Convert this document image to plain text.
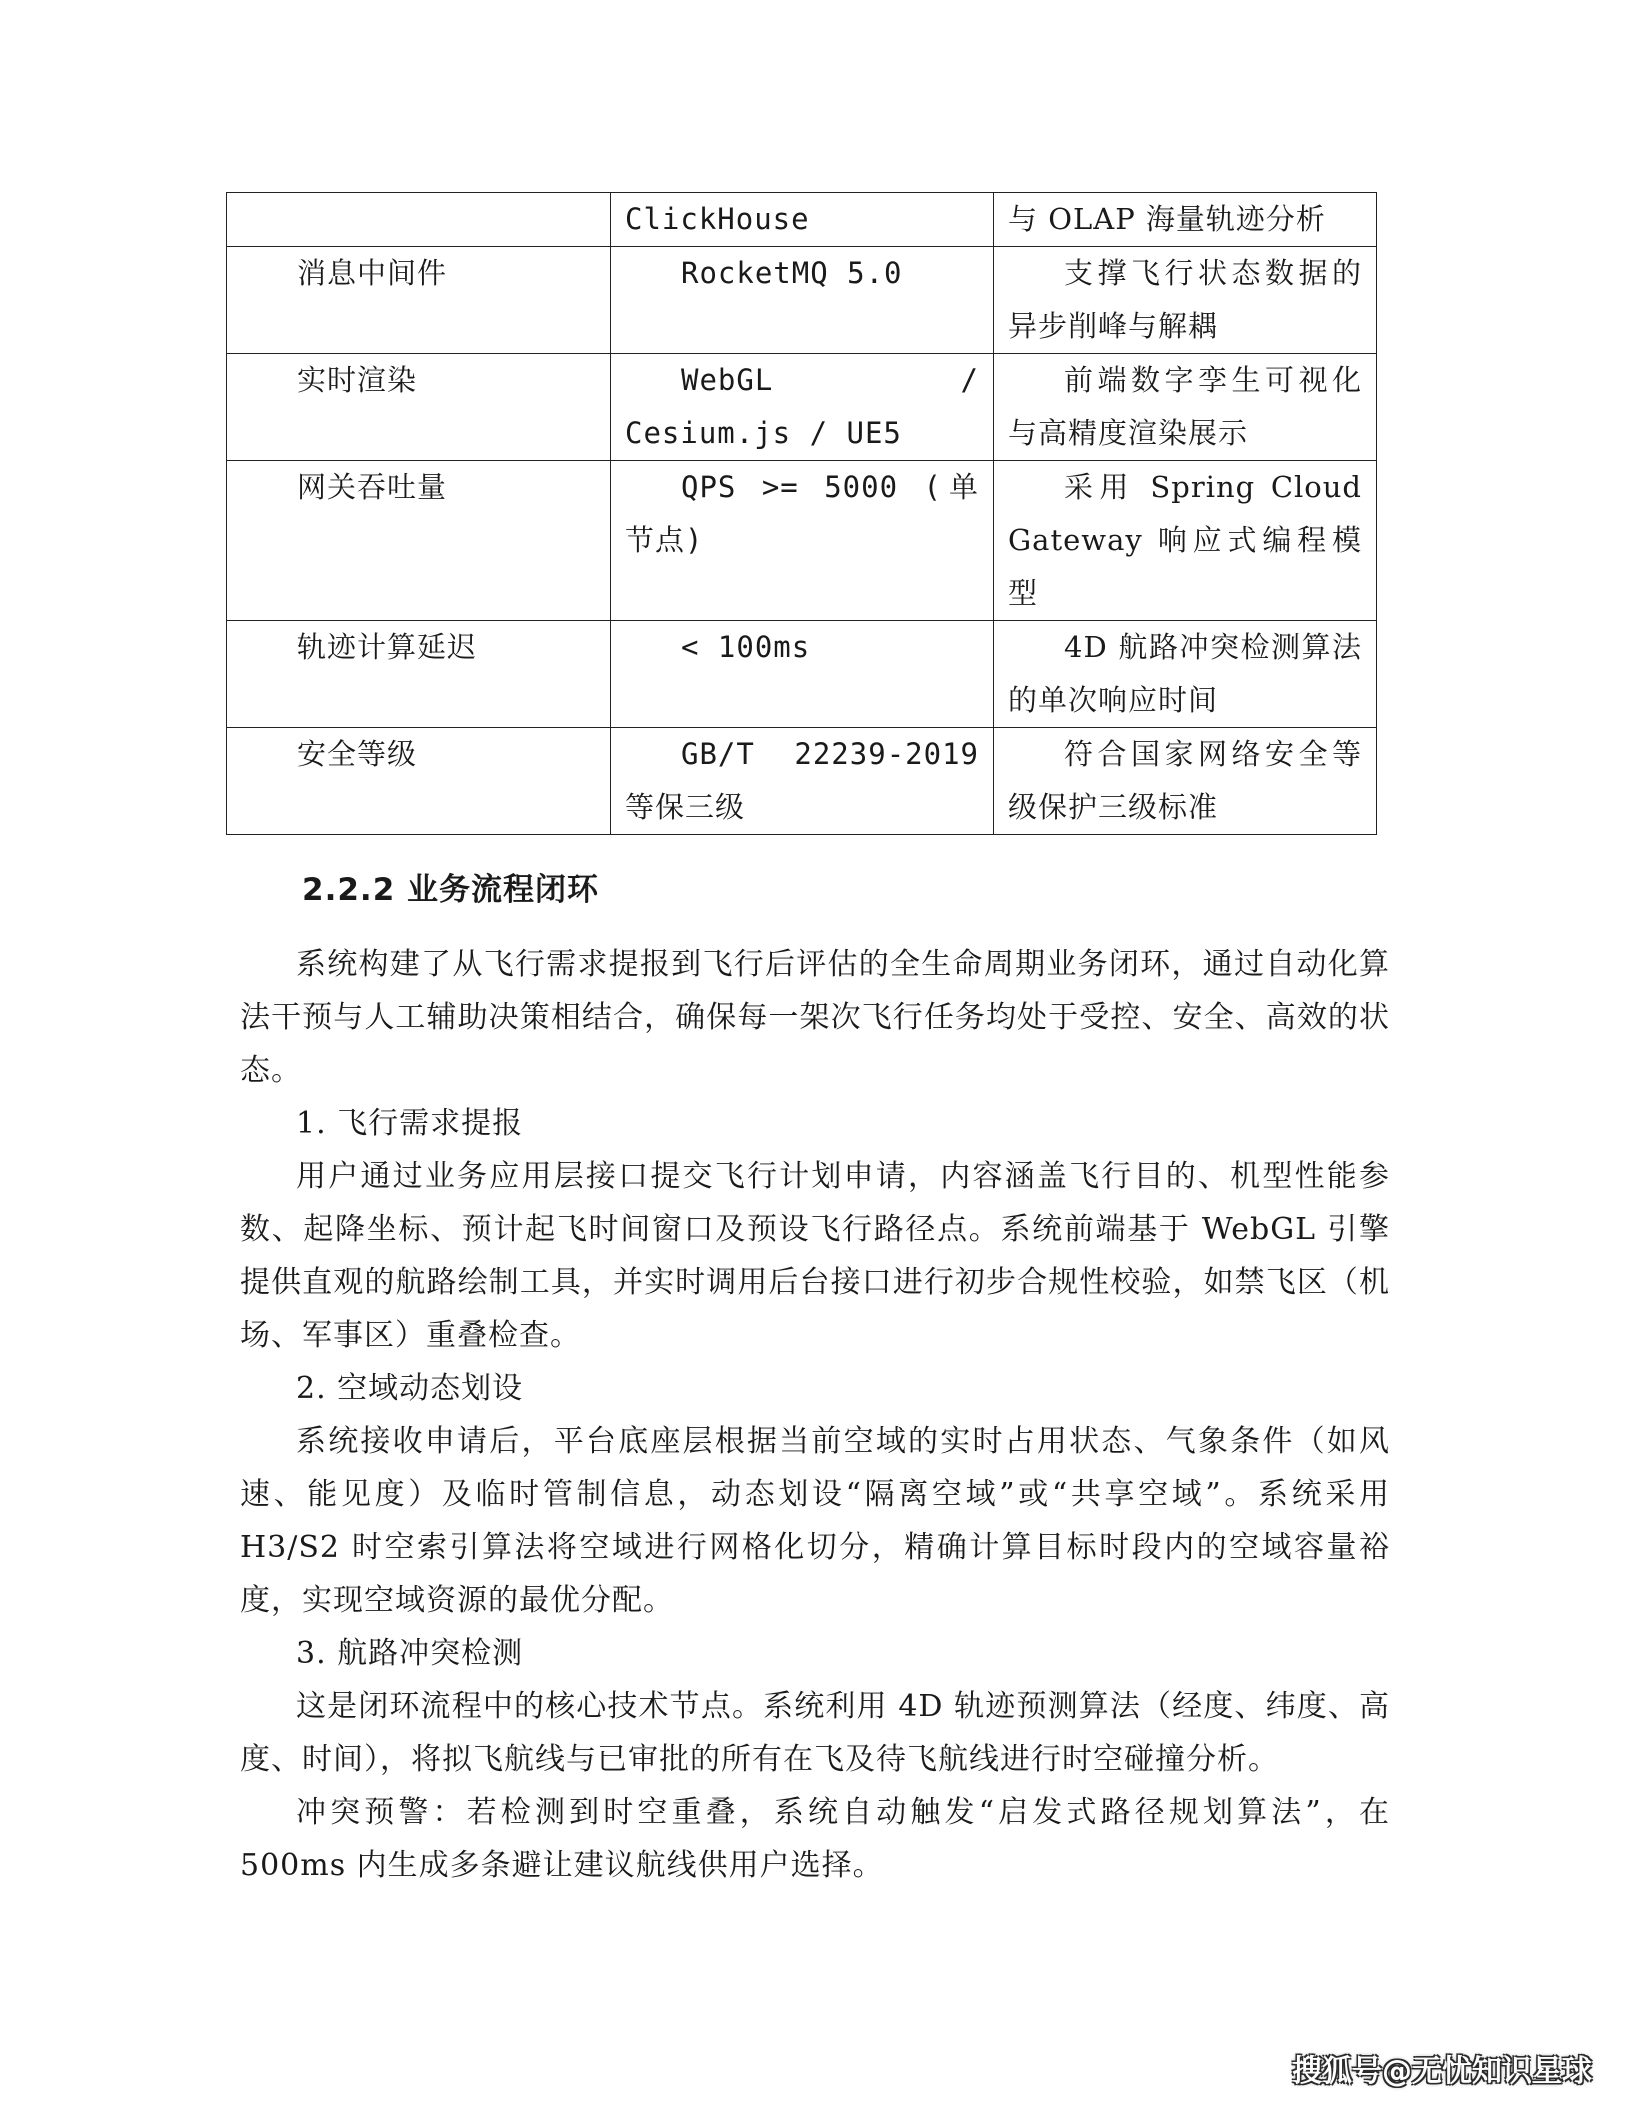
	ClickHouse	与 OLAP 海量轨迹分析
消息中间件	RocketMQ 5.0	支撑飞行状态数据的异步削峰与解耦
实时渲染	WebGL / Cesium.js / UE5	前端数字孪生可视化与高精度渲染展示
网关吞吐量	QPS >= 5000 (单节点)	采用 Spring Cloud Gateway 响应式编程模型
轨迹计算延迟	< 100ms	4D 航路冲突检测算法的单次响应时间
安全等级	GB/T 22239-2019 等保三级	符合国家网络安全等级保护三级标准
2.2.2 业务流程闭环

系统构建了从飞行需求提报到飞行后评估的全生命周期业务闭环，通过自动化算法干预与人工辅助决策相结合，确保每一架次飞行任务均处于受控、安全、高效的状态。

1. 飞行需求提报

用户通过业务应用层接口提交飞行计划申请，内容涵盖飞行目的、机型性能参数、起降坐标、预计起飞时间窗口及预设飞行路径点。系统前端基于 WebGL 引擎提供直观的航路绘制工具，并实时调用后台接口进行初步合规性校验，如禁飞区（机场、军事区）重叠检查。

2. 空域动态划设

系统接收申请后，平台底座层根据当前空域的实时占用状态、气象条件（如风速、能见度）及临时管制信息，动态划设“隔离空域”或“共享空域”。系统采用 H3/S2 时空索引算法将空域进行网格化切分，精确计算目标时段内的空域容量裕度，实现空域资源的最优分配。

3. 航路冲突检测

这是闭环流程中的核心技术节点。系统利用 4D 轨迹预测算法（经度、纬度、高度、时间），将拟飞航线与已审批的所有在飞及待飞航线进行时空碰撞分析。

冲突预警：若检测到时空重叠，系统自动触发“启发式路径规划算法”，在 500ms 内生成多条避让建议航线供用户选择。

搜狐号@无忧知识星球
